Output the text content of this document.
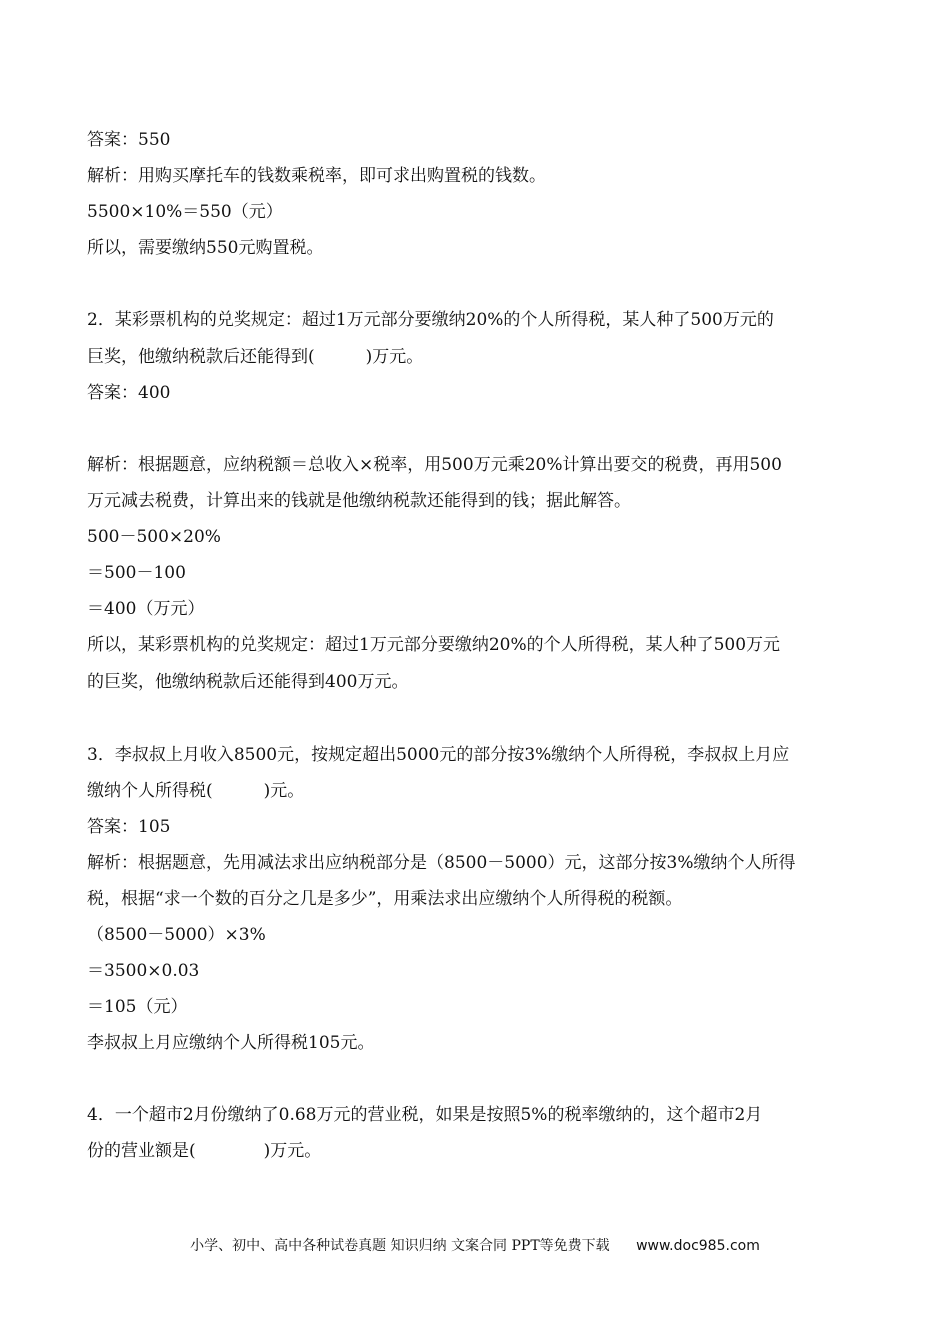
答案：550
解析：用购买摩托车的钱数乘税率，即可求出购置税的钱数。
5500×10%＝550（元）
所以，需要缴纳550元购置税。
2．某彩票机构的兑奖规定：超过1万元部分要缴纳20%的个人所得税，某人种了500万元的
巨奖，他缴纳税款后还能得到(　　　)万元。
答案：400
解析：根据题意，应纳税额＝总收入×税率，用500万元乘20%计算出要交的税费，再用500
万元减去税费，计算出来的钱就是他缴纳税款还能得到的钱；据此解答。
500－500×20%
＝500－100
＝400（万元）
所以，某彩票机构的兑奖规定：超过1万元部分要缴纳20%的个人所得税，某人种了500万元
的巨奖，他缴纳税款后还能得到400万元。
3．李叔叔上月收入8500元，按规定超出5000元的部分按3%缴纳个人所得税，李叔叔上月应
缴纳个人所得税(　　　)元。
答案：105
解析：根据题意，先用减法求出应纳税部分是（8500－5000）元，这部分按3%缴纳个人所得
税，根据“求一个数的百分之几是多少”，用乘法求出应缴纳个人所得税的税额。
（8500－5000）×3%
＝3500×0.03
＝105（元）
李叔叔上月应缴纳个人所得税105元。
4．一个超市2月份缴纳了0.68万元的营业税，如果是按照5%的税率缴纳的，这个超市2月
份的营业额是(　　　　)万元。
小学、初中、高中各种试卷真题 知识归纳 文案合同 PPT等免费下载 www.doc985.com
